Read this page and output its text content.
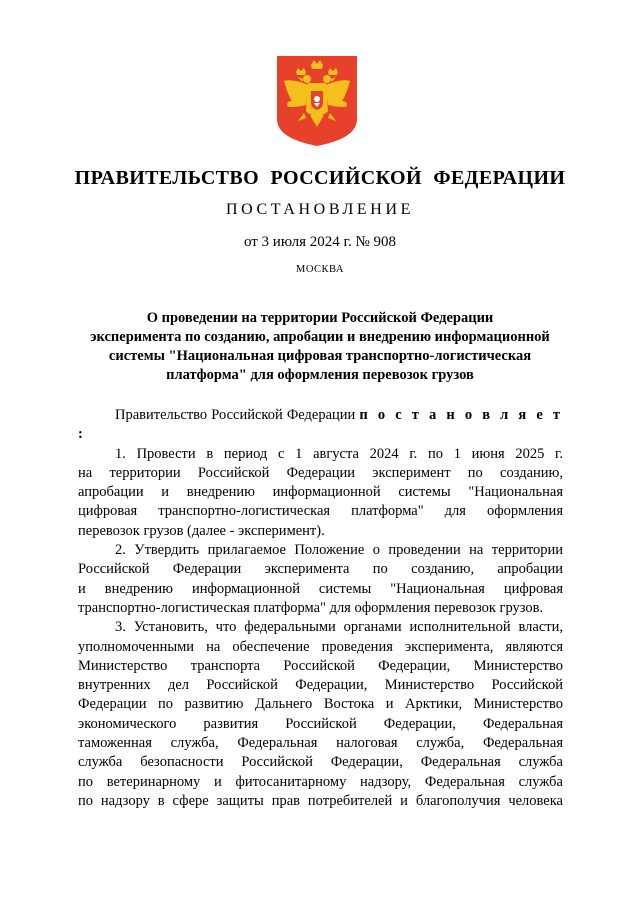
ПРАВИТЕЛЬСТВО РОССИЙСКОЙ ФЕДЕРАЦИИ
ПОСТАНОВЛЕНИЕ
от 3 июля 2024 г. № 908
МОСКВА
О проведении на территории Российской Федерации
эксперимента по созданию, апробации и внедрению информационной
системы "Национальная цифровая транспортно-логистическая
платформа" для оформления перевозок грузов

Правительство Российской Федерации п о с т а н о в л я е т :

1. Провести в период с 1 августа 2024 г. по 1 июня 2025 г.
на территории Российской Федерации эксперимент по созданию,
апробации и внедрению информационной системы "Национальная
цифровая транспортно-логистическая платформа" для оформления
перевозок грузов (далее - эксперимент).
2. Утвердить прилагаемое Положение о проведении на территории
Российской Федерации эксперимента по созданию, апробации
и внедрению информационной системы "Национальная цифровая
транспортно-логистическая платформа" для оформления перевозок грузов.
3. Установить, что федеральными органами исполнительной власти,
уполномоченными на обеспечение проведения эксперимента, являются
Министерство транспорта Российской Федерации, Министерство
внутренних дел Российской Федерации, Министерство Российской
Федерации по развитию Дальнего Востока и Арктики, Министерство
экономического развития Российской Федерации, Федеральная
таможенная служба, Федеральная налоговая служба, Федеральная
служба безопасности Российской Федерации, Федеральная служба
по ветеринарному и фитосанитарному надзору, Федеральная служба
по надзору в сфере защиты прав потребителей и благополучия человека
